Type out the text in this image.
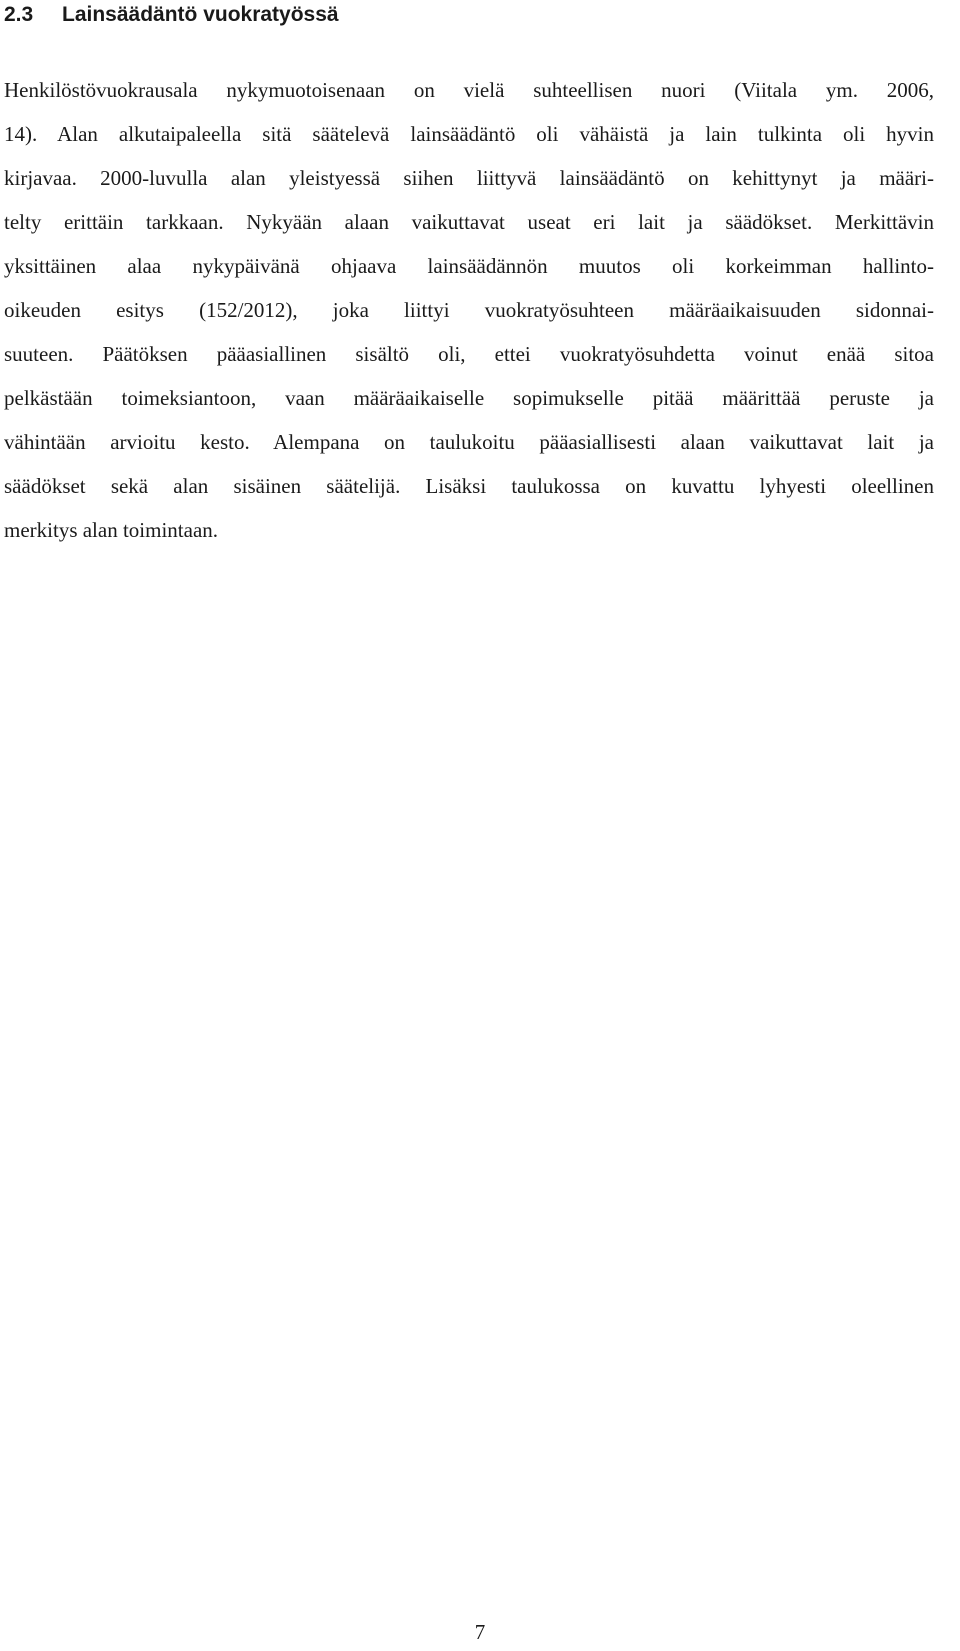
2.3 Lainsäädäntö vuokratyössä
Henkilöstövuokrausala nykymuotoisenaan on vielä suhteellisen nuori (Viitala ym. 2006,
14). Alan alkutaipaleella sitä säätelevä lainsäädäntö oli vähäistä ja lain tulkinta oli hyvin
kirjavaa. 2000-luvulla alan yleistyessä siihen liittyvä lainsäädäntö on kehittynyt ja määri-
telty erittäin tarkkaan. Nykyään alaan vaikuttavat useat eri lait ja säädökset. Merkittävin
yksittäinen alaa nykypäivänä ohjaava lainsäädännön muutos oli korkeimman hallinto-
oikeuden esitys (152/2012), joka liittyi vuokratyösuhteen määräaikaisuuden sidonnai-
suuteen. Päätöksen pääasiallinen sisältö oli, ettei vuokratyösuhdetta voinut enää sitoa
pelkästään toimeksiantoon, vaan määräaikaiselle sopimukselle pitää määrittää peruste ja
vähintään arvioitu kesto. Alempana on taulukoitu pääasiallisesti alaan vaikuttavat lait ja
säädökset sekä alan sisäinen säätelijä. Lisäksi taulukossa on kuvattu lyhyesti oleellinen
merkitys alan toimintaan.
7
